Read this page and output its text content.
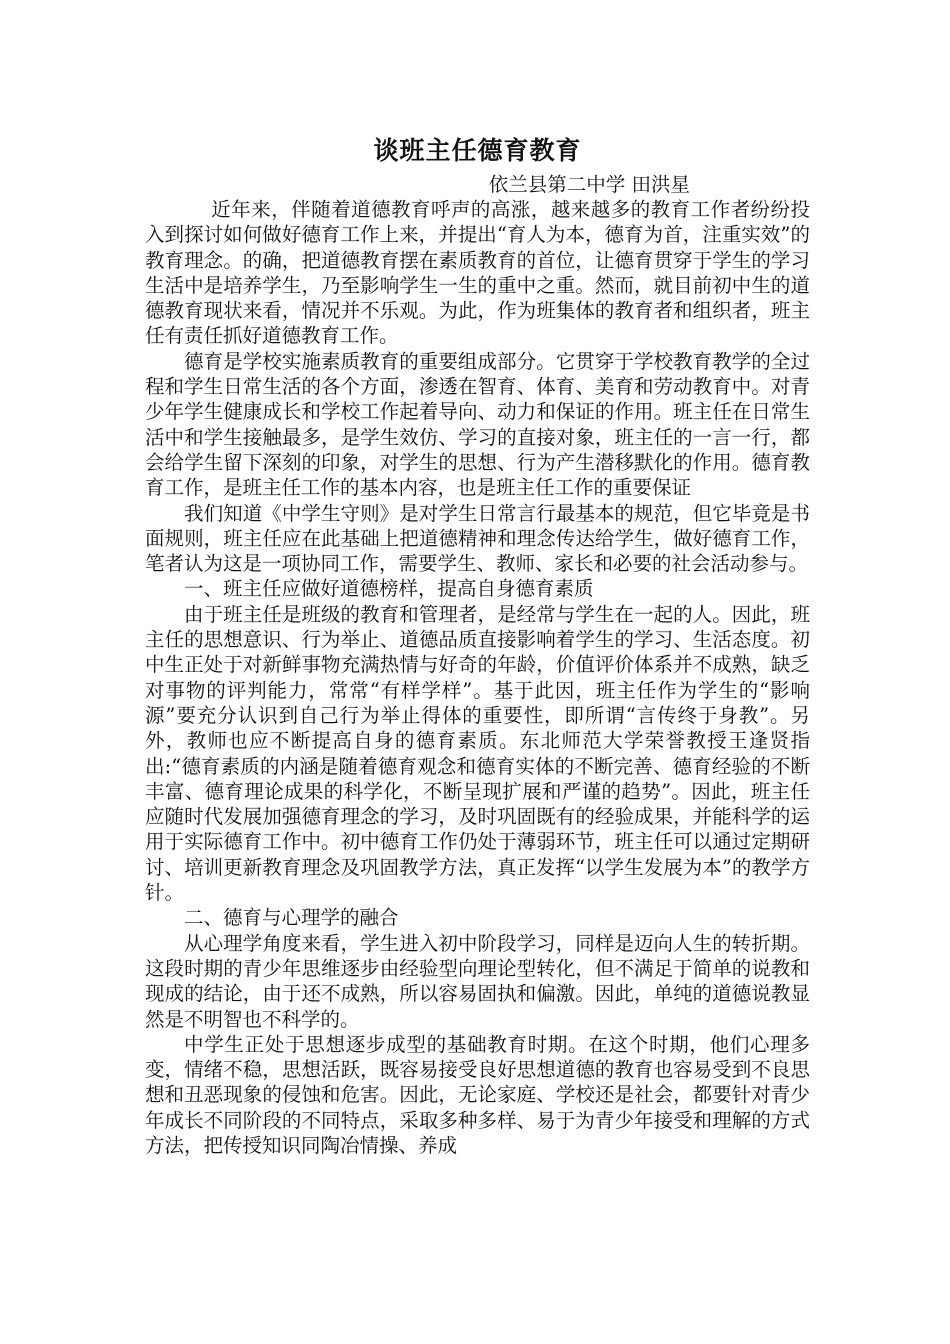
谈班主任德育教育

依兰县第二中学 田洪星

近年来，伴随着道德教育呼声的高涨，越来越多的教育工作者纷纷投入到探讨如何做好德育工作上来，并提出“育人为本，德育为首，注重实效”的教育理念。的确，把道德教育摆在素质教育的首位，让德育贯穿于学生的学习生活中是培养学生，乃至影响学生一生的重中之重。然而，就目前初中生的道德教育现状来看，情况并不乐观。为此，作为班集体的教育者和组织者，班主任有责任抓好道德教育工作。

德育是学校实施素质教育的重要组成部分。它贯穿于学校教育教学的全过程和学生日常生活的各个方面，渗透在智育、体育、美育和劳动教育中。对青少年学生健康成长和学校工作起着导向、动力和保证的作用。班主任在日常生活中和学生接触最多，是学生效仿、学习的直接对象，班主任的一言一行，都会给学生留下深刻的印象，对学生的思想、行为产生潜移默化的作用。德育教育工作，是班主任工作的基本内容，也是班主任工作的重要保证

我们知道《中学生守则》是对学生日常言行最基本的规范，但它毕竟是书面规则，班主任应在此基础上把道德精神和理念传达给学生，做好德育工作，笔者认为这是一项协同工作，需要学生、教师、家长和必要的社会活动参与。

一、班主任应做好道德榜样，提高自身德育素质

由于班主任是班级的教育和管理者，是经常与学生在一起的人。因此，班主任的思想意识、行为举止、道德品质直接影响着学生的学习、生活态度。初中生正处于对新鲜事物充满热情与好奇的年龄，价值评价体系并不成熟，缺乏对事物的评判能力，常常“有样学样”。基于此因，班主任作为学生的“影响源”要充分认识到自己行为举止得体的重要性，即所谓“言传终于身教”。另外，教师也应不断提高自身的德育素质。东北师范大学荣誉教授王逢贤指出:“德育素质的内涵是随着德育观念和德育实体的不断完善、德育经验的不断丰富、德育理论成果的科学化，不断呈现扩展和严谨的趋势”。因此，班主任应随时代发展加强德育理念的学习，及时巩固既有的经验成果，并能科学的运用于实际德育工作中。初中德育工作仍处于薄弱环节，班主任可以通过定期研讨、培训更新教育理念及巩固教学方法，真正发挥“以学生发展为本”的教学方针。

二、德育与心理学的融合

从心理学角度来看，学生进入初中阶段学习，同样是迈向人生的转折期。这段时期的青少年思维逐步由经验型向理论型转化，但不满足于简单的说教和现成的结论，由于还不成熟，所以容易固执和偏激。因此，单纯的道德说教显然是不明智也不科学的。

中学生正处于思想逐步成型的基础教育时期。在这个时期，他们心理多变，情绪不稳，思想活跃，既容易接受良好思想道德的教育也容易受到不良思想和丑恶现象的侵蚀和危害。因此，无论家庭、学校还是社会，都要针对青少年成长不同阶段的不同特点，采取多种多样、易于为青少年接受和理解的方式方法，把传授知识同陶冶情操、养成
